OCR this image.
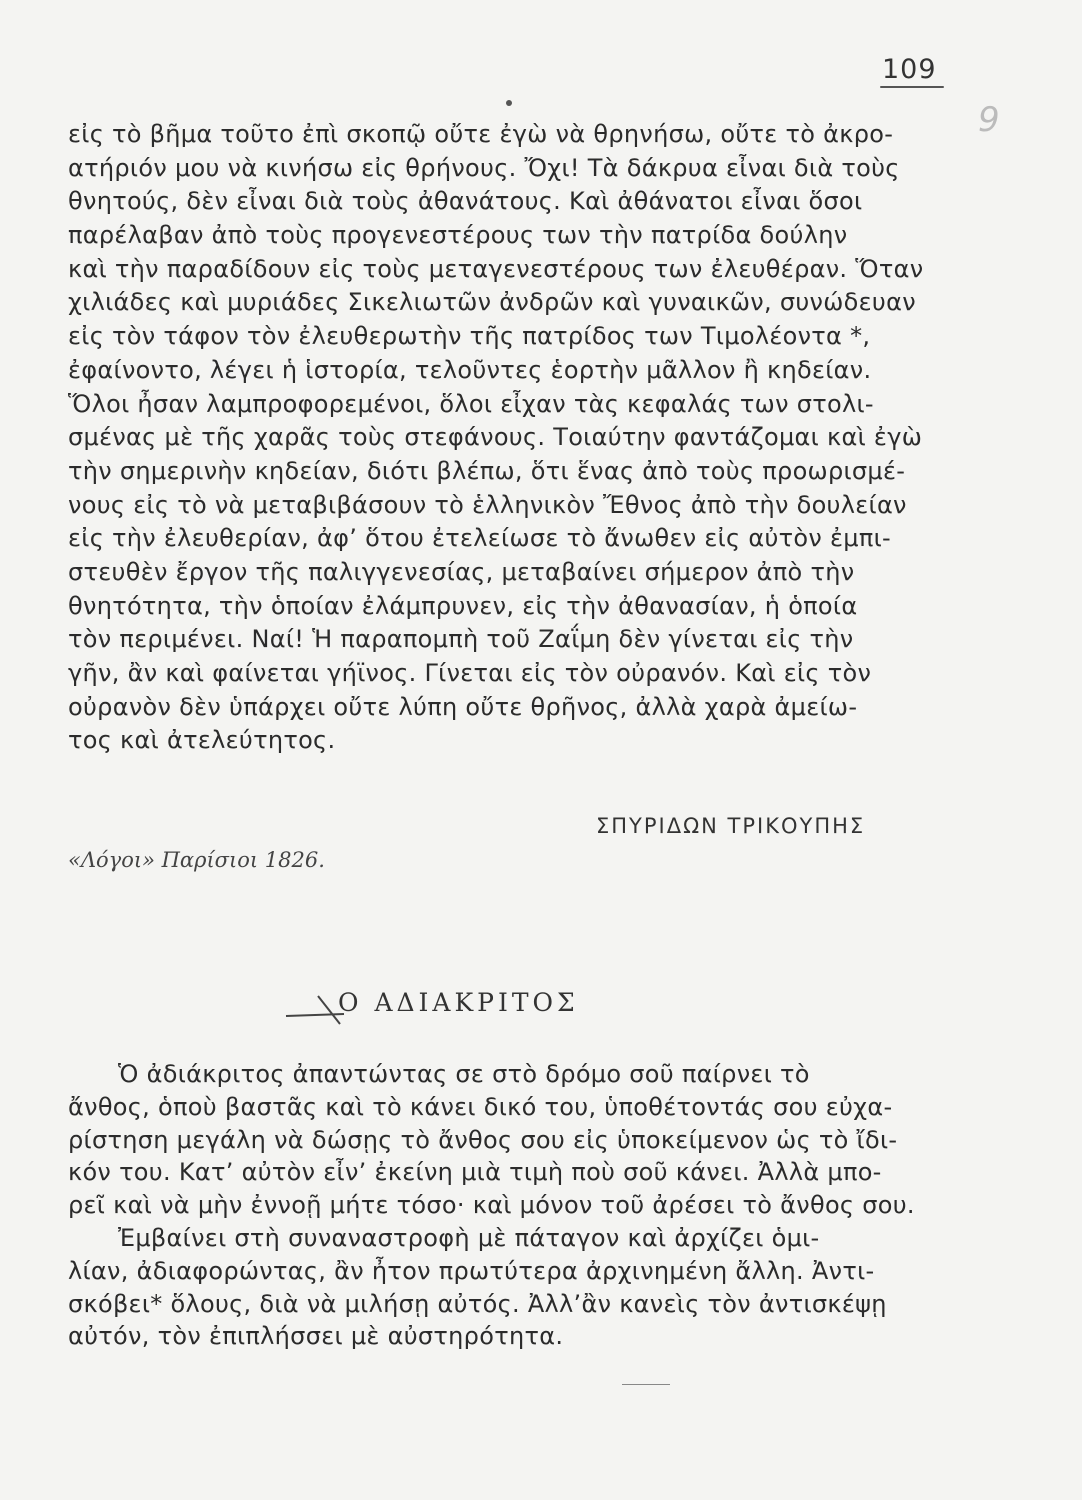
109
9
εἰς τὸ βῆμα τοῦτο ἐπὶ σκοπῷ οὔτε ἐγὼ νὰ θρηνήσω, οὔτε τὸ ἀκρο-
ατήριόν μου νὰ κινήσω εἰς θρήνους. Ὄχι! Τὰ δάκρυα εἶναι διὰ τοὺς
θνητούς, δὲν εἶναι διὰ τοὺς ἀθανάτους. Καὶ ἀθάνατοι εἶναι ὅσοι
παρέλαβαν ἀπὸ τοὺς προγενεστέρους των τὴν πατρίδα δούλην
καὶ τὴν παραδίδουν εἰς τοὺς μεταγενεστέρους των ἐλευθέραν. Ὅταν
χιλιάδες καὶ μυριάδες Σικελιωτῶν ἀνδρῶν καὶ γυναικῶν, συνώδευαν
εἰς τὸν τάφον τὸν ἐλευθερωτὴν τῆς πατρίδος των Τιμολέοντα *,
ἐφαίνοντο, λέγει ἡ ἱστορία, τελοῦντες ἑορτὴν μᾶλλον ἢ κηδείαν.
Ὅλοι ἦσαν λαμπροφορεμένοι, ὅλοι εἶχαν τὰς κεφαλάς των στολι-
σμένας μὲ τῆς χαρᾶς τοὺς στεφάνους. Τοιαύτην φαντάζομαι καὶ ἐγὼ
τὴν σημερινὴν κηδείαν, διότι βλέπω, ὅτι ἕνας ἀπὸ τοὺς προωρισμέ-
νους εἰς τὸ νὰ μεταβιβάσουν τὸ ἑλληνικὸν Ἔθνος ἀπὸ τὴν δουλείαν
εἰς τὴν ἐλευθερίαν, ἀφ’ ὅτου ἐτελείωσε τὸ ἄνωθεν εἰς αὐτὸν ἐμπι-
στευθὲν ἔργον τῆς παλιγγενεσίας, μεταβαίνει σήμερον ἀπὸ τὴν
θνητότητα, τὴν ὁποίαν ἐλάμπρυνεν, εἰς τὴν ἀθανασίαν, ἡ ὁποία
τὸν περιμένει. Ναί! Ἡ παραπομπὴ τοῦ Ζαΐμη δὲν γίνεται εἰς τὴν
γῆν, ἂν καὶ φαίνεται γήϊνος. Γίνεται εἰς τὸν οὐρανόν. Καὶ εἰς τὸν
οὐρανὸν δὲν ὑπάρχει οὔτε λύπη οὔτε θρῆνος, ἀλλὰ χαρὰ ἀμείω-
τος καὶ ἀτελεύτητος.
ΣΠΥΡΙΔΩΝ ΤΡΙΚΟΥΠΗΣ
«Λόγοι» Παρίσιοι 1826.
Ο ΑΔΙΑΚΡΙΤΟΣ
Ὁ ἀδιάκριτος ἀπαντώντας σε στὸ δρόμο σοῦ παίρνει τὸ
ἄνθος, ὁποὺ βαστᾶς καὶ τὸ κάνει δικό του, ὑποθέτοντάς σου εὐχα-
ρίστηση μεγάλη νὰ δώσῃς τὸ ἄνθος σου εἰς ὑποκείμενον ὡς τὸ ἴδι-
κόν του. Κατ’ αὐτὸν εἶν’ ἐκείνη μιὰ τιμὴ ποὺ σοῦ κάνει. Ἀλλὰ μπο-
ρεῖ καὶ νὰ μὴν ἐννοῇ μήτε τόσο· καὶ μόνον τοῦ ἀρέσει τὸ ἄνθος σου.
Ἐμβαίνει στὴ συναναστροφὴ μὲ πάταγον καὶ ἀρχίζει ὁμι-
λίαν, ἀδιαφορώντας, ἂν ἦτον πρωτύτερα ἀρχινημένη ἄλλη. Ἀντι-
σκόβει* ὅλους, διὰ νὰ μιλήσῃ αὐτός. Ἀλλ’ἂν κανεὶς τὸν ἀντισκέψῃ
αὐτόν, τὸν ἐπιπλήσσει μὲ αὐστηρότητα.
